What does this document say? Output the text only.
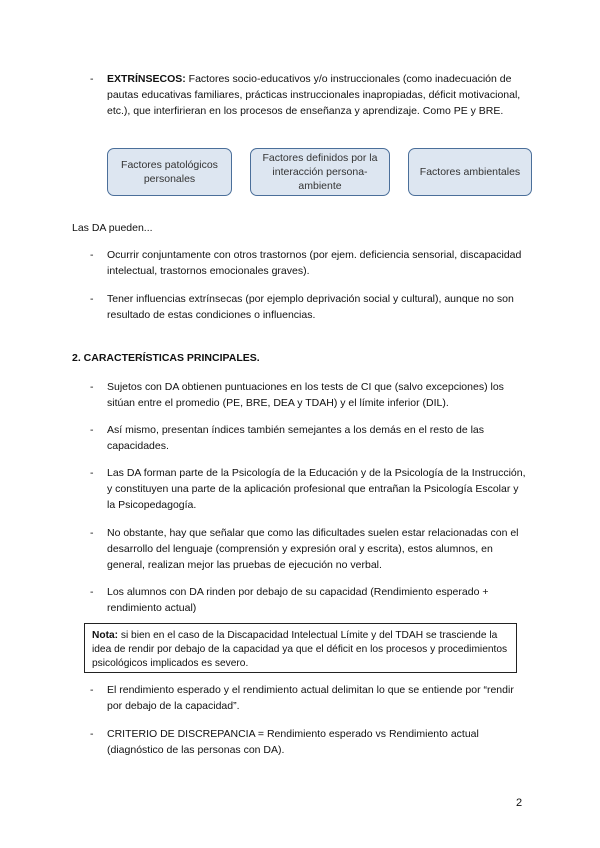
-	EXTRÍNSECOS: Factores socio-educativos y/o instruccionales (como inadecuación de pautas educativas familiares, prácticas instruccionales inapropiadas, déficit motivacional, etc.), que interfirieran en los procesos de enseñanza y aprendizaje. Como PE y BRE.
Factores patológicos personales
Factores definidos por la interacción persona-ambiente
Factores ambientales
Las DA pueden...
-	Ocurrir conjuntamente con otros trastornos (por ejem. deficiencia sensorial, discapacidad intelectual, trastornos emocionales graves).
-	Tener influencias extrínsecas (por ejemplo deprivación social y cultural), aunque no son resultado de estas condiciones o influencias.
2. CARACTERÍSTICAS PRINCIPALES.
-	Sujetos con DA obtienen puntuaciones en los tests de CI que (salvo excepciones) los sitúan entre el promedio (PE, BRE, DEA y TDAH) y el límite inferior (DIL).
-	Así mismo, presentan índices también semejantes a los demás en el resto de las capacidades.
-	Las DA forman parte de la Psicología de la Educación y de la Psicología de la Instrucción, y constituyen una parte de la aplicación profesional que entrañan la Psicología Escolar y la Psicopedagogía.
-	No obstante, hay que señalar que como las dificultades suelen estar relacionadas con el desarrollo del lenguaje (comprensión y expresión oral y escrita), estos alumnos, en general, realizan mejor las pruebas de ejecución no verbal.
-	Los alumnos con DA rinden por debajo de su capacidad (Rendimiento esperado + rendimiento actual)
Nota: si bien en el caso de la Discapacidad Intelectual Límite y del TDAH se trasciende la idea de rendir por debajo de la capacidad ya que el déficit en los procesos y procedimientos psicológicos implicados es severo.
-	El rendimiento esperado y el rendimiento actual delimitan lo que se entiende por “rendir por debajo de la capacidad”.
-	CRITERIO DE DISCREPANCIA = Rendimiento esperado vs Rendimiento actual (diagnóstico de las personas con DA).
2
